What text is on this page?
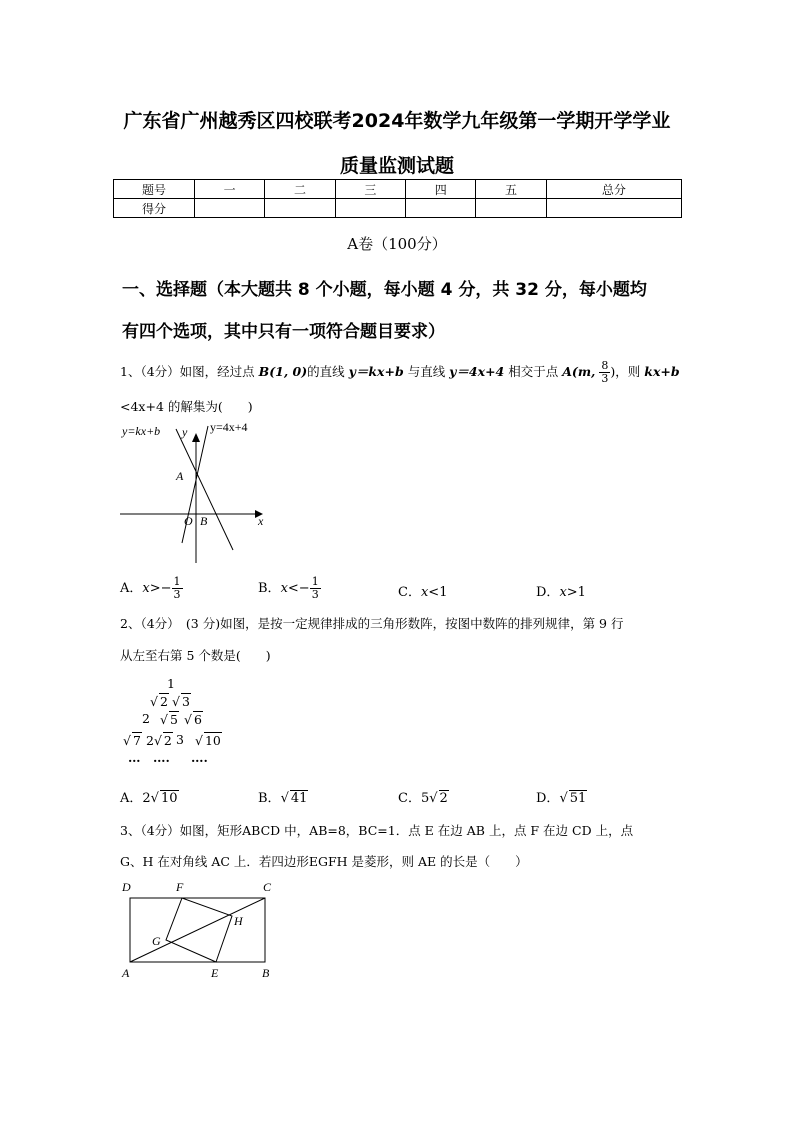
广东省广州越秀区四校联考2024年数学九年级第一学期开学学业
质量监测试题
题号	一	二	三	四	五	总分
得分						
A卷（100分）
一、选择题（本大题共 8 个小题，每小题 4 分，共 32 分，每小题均
有四个选项，其中只有一项符合题目要求）
1、（4分）如图，经过点 B(1, 0)的直线 y＝kx+b 与直线 y＝4x+4 相交于点 A(m, $\frac{8}{3}$ )，则 kx+b
<4x+4 的解集为(　　)
y=kx+b y y=4x+4
A
O B	x
A．$x>- \frac{1}{3}$	B．$x<- \frac{1}{3}$	C．x<1	D．x>1
2、（4分）　(3 分)如图，是按一定规律排成的三角形数阵，按图中数阵的排列规律，第 9 行
从左至右第 5 个数是(　　)
1
√ 2 √	3
2 √	5 √	6
√ 7 2 √ 2 3 √	10
… …. ….
A．2 √ 10	B． √ 41	C．5 √ 2	D． √ 51
3、（4分）如图，矩形ABCD 中，AB=8，BC=1．点 E 在边 AB 上，点 F 在边 CD 上，点
G、H 在对角线 AC 上．若四边形EGFH 是菱形，则 AE 的长是（　　）
D	F	C
H
G
A	E	B
